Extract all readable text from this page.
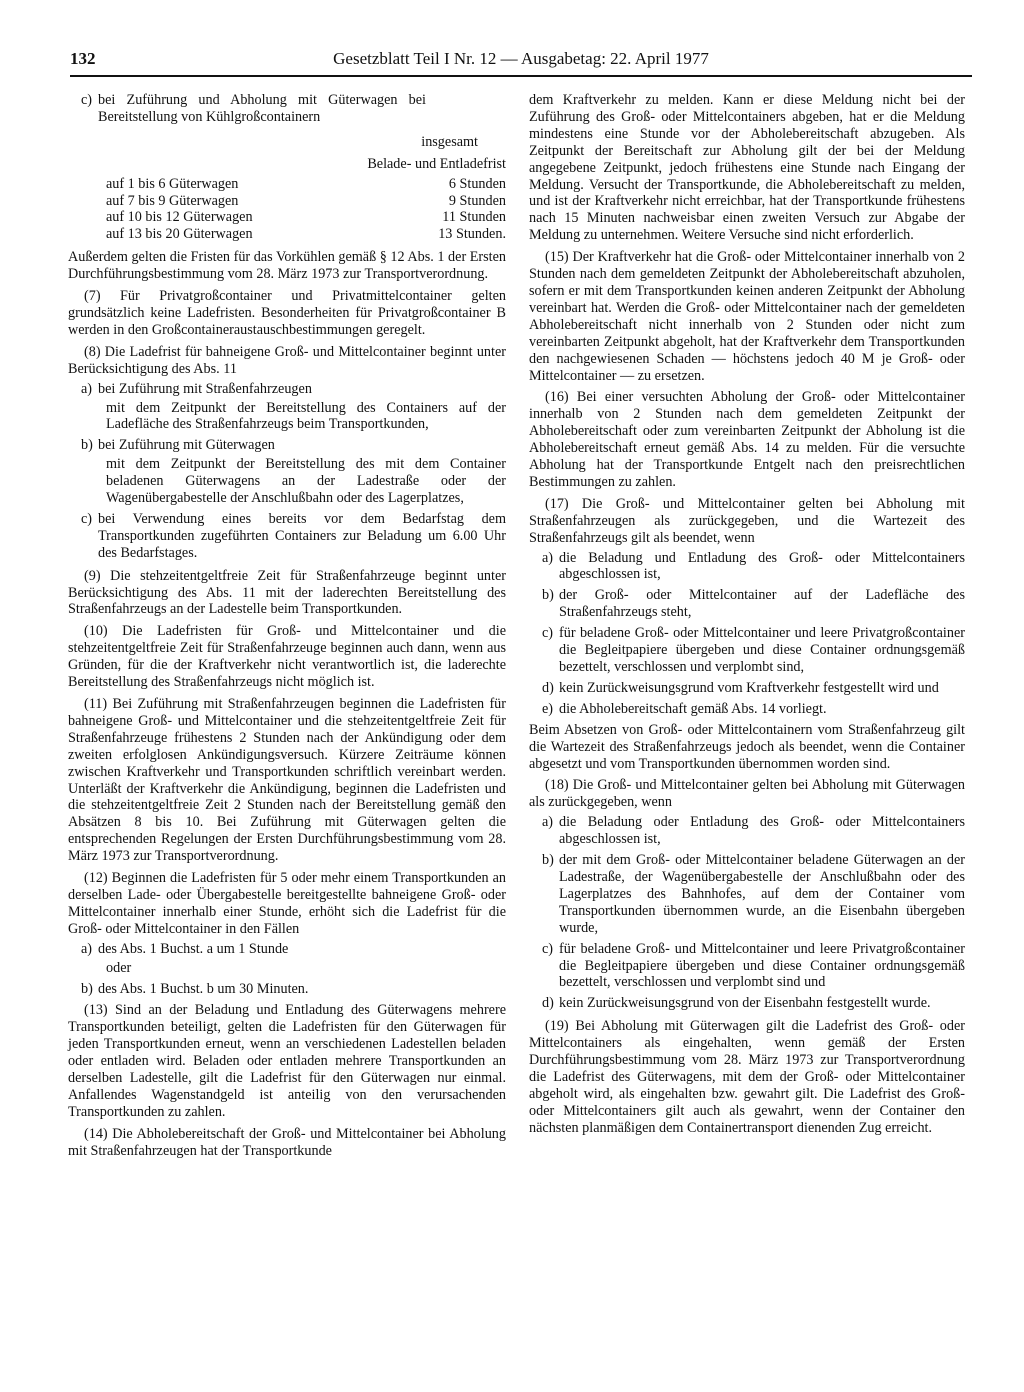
132	Gesetzblatt Teil I Nr. 12 — Ausgabetag: 22. April 1977
c) bei Zuführung und Abholung mit Güterwagen bei Bereitstellung von Kühlgroßcontainern
insgesamt
Belade- und Entladefrist
auf 1 bis 6 Güterwagen	6 Stunden
auf 7 bis 9 Güterwagen	9 Stunden
auf 10 bis 12 Güterwagen	11 Stunden
auf 13 bis 20 Güterwagen	13 Stunden.

Außerdem gelten die Fristen für das Vorkühlen gemäß § 12 Abs. 1 der Ersten Durchführungsbestimmung vom 28. März 1973 zur Transportverordnung.

(7) Für Privatgroßcontainer und Privatmittelcontainer gelten grundsätzlich keine Ladefristen. Besonderheiten für Privatgroßcontainer B werden in den Großcontaineraustauschbestimmungen geregelt.

(8) Die Ladefrist für bahneigene Groß- und Mittelcontainer beginnt unter Berücksichtigung des Abs. 11

a) bei Zuführung mit Straßenfahrzeugen
mit dem Zeitpunkt der Bereitstellung des Containers auf der Ladefläche des Straßenfahrzeugs beim Transportkunden,
b) bei Zuführung mit Güterwagen
mit dem Zeitpunkt der Bereitstellung des mit dem Container beladenen Güterwagens an der Ladestraße oder der Wagenübergabestelle der Anschlußbahn oder des Lagerplatzes,
c) bei Verwendung eines bereits vor dem Bedarfstag dem Transportkunden zugeführten Containers zur Beladung um 6.00 Uhr des Bedarfstages.

(9) Die stehzeitentgeltfreie Zeit für Straßenfahrzeuge beginnt unter Berücksichtigung des Abs. 11 mit der laderechten Bereitstellung des Straßenfahrzeugs an der Ladestelle beim Transportkunden.

(10) Die Ladefristen für Groß- und Mittelcontainer und die stehzeitentgeltfreie Zeit für Straßenfahrzeuge beginnen auch dann, wenn aus Gründen, für die der Kraftverkehr nicht verantwortlich ist, die laderechte Bereitstellung des Straßenfahrzeugs nicht möglich ist.

(11) Bei Zuführung mit Straßenfahrzeugen beginnen die Ladefristen für bahneigene Groß- und Mittelcontainer und die stehzeitentgeltfreie Zeit für Straßenfahrzeuge frühestens 2 Stunden nach der Ankündigung oder dem zweiten erfolglosen Ankündigungsversuch. Kürzere Zeiträume können zwischen Kraftverkehr und Transportkunden schriftlich vereinbart werden. Unterläßt der Kraftverkehr die Ankündigung, beginnen die Ladefristen und die stehzeitentgeltfreie Zeit 2 Stunden nach der Bereitstellung gemäß den Absätzen 8 bis 10. Bei Zuführung mit Güterwagen gelten die entsprechenden Regelungen der Ersten Durchführungsbestimmung vom 28. März 1973 zur Transportverordnung.

(12) Beginnen die Ladefristen für 5 oder mehr einem Transportkunden an derselben Lade- oder Übergabestelle bereitgestellte bahneigene Groß- oder Mittelcontainer innerhalb einer Stunde, erhöht sich die Ladefrist für die Groß- oder Mittelcontainer in den Fällen

a) des Abs. 1 Buchst. a um 1 Stunde
oder
b) des Abs. 1 Buchst. b um 30 Minuten.

(13) Sind an der Beladung und Entladung des Güterwagens mehrere Transportkunden beteiligt, gelten die Ladefristen für den Güterwagen für jeden Transportkunden erneut, wenn an verschiedenen Ladestellen beladen oder entladen wird. Beladen oder entladen mehrere Transportkunden an derselben Ladestelle, gilt die Ladefrist für den Güterwagen nur einmal. Anfallendes Wagenstandgeld ist anteilig von den verursachenden Transportkunden zu zahlen.

(14) Die Abholebereitschaft der Groß- und Mittelcontainer bei Abholung mit Straßenfahrzeugen hat der Transportkunde

dem Kraftverkehr zu melden. Kann er diese Meldung nicht bei der Zuführung des Groß- oder Mittelcontainers abgeben, hat er die Meldung mindestens eine Stunde vor der Abholebereitschaft abzugeben. Als Zeitpunkt der Bereitschaft zur Abholung gilt der bei der Meldung angegebene Zeitpunkt, jedoch frühestens eine Stunde nach Eingang der Meldung. Versucht der Transportkunde, die Abholebereitschaft zu melden, und ist der Kraftverkehr nicht erreichbar, hat der Transportkunde frühestens nach 15 Minuten nachweisbar einen zweiten Versuch zur Abgabe der Meldung zu unternehmen. Weitere Versuche sind nicht erforderlich.

(15) Der Kraftverkehr hat die Groß- oder Mittelcontainer innerhalb von 2 Stunden nach dem gemeldeten Zeitpunkt der Abholebereitschaft abzuholen, sofern er mit dem Transportkunden keinen anderen Zeitpunkt der Abholung vereinbart hat. Werden die Groß- oder Mittelcontainer nach der gemeldeten Abholebereitschaft nicht innerhalb von 2 Stunden oder nicht zum vereinbarten Zeitpunkt abgeholt, hat der Kraftverkehr dem Transportkunden den nachgewiesenen Schaden — höchstens jedoch 40 M je Groß- oder Mittelcontainer — zu ersetzen.

(16) Bei einer versuchten Abholung der Groß- oder Mittelcontainer innerhalb von 2 Stunden nach dem gemeldeten Zeitpunkt der Abholebereitschaft oder zum vereinbarten Zeitpunkt der Abholung ist die Abholebereitschaft erneut gemäß Abs. 14 zu melden. Für die versuchte Abholung hat der Transportkunde Entgelt nach den preisrechtlichen Bestimmungen zu zahlen.

(17) Die Groß- und Mittelcontainer gelten bei Abholung mit Straßenfahrzeugen als zurückgegeben, und die Wartezeit des Straßenfahrzeugs gilt als beendet, wenn

a) die Beladung und Entladung des Groß- oder Mittelcontainers abgeschlossen ist,
b) der Groß- oder Mittelcontainer auf der Ladefläche des Straßenfahrzeugs steht,
c) für beladene Groß- oder Mittelcontainer und leere Privatgroßcontainer die Begleitpapiere übergeben und diese Container ordnungsgemäß bezettelt, verschlossen und verplombt sind,
d) kein Zurückweisungsgrund vom Kraftverkehr festgestellt wird und
e) die Abholebereitschaft gemäß Abs. 14 vorliegt.

Beim Absetzen von Groß- oder Mittelcontainern vom Straßenfahrzeug gilt die Wartezeit des Straßenfahrzeugs jedoch als beendet, wenn die Container abgesetzt und vom Transportkunden übernommen worden sind.

(18) Die Groß- und Mittelcontainer gelten bei Abholung mit Güterwagen als zurückgegeben, wenn

a) die Beladung oder Entladung des Groß- oder Mittelcontainers abgeschlossen ist,
b) der mit dem Groß- oder Mittelcontainer beladene Güterwagen an der Ladestraße, der Wagenübergabestelle der Anschlußbahn oder des Lagerplatzes des Bahnhofes, auf dem der Container vom Transportkunden übernommen wurde, an die Eisenbahn übergeben wurde,
c) für beladene Groß- und Mittelcontainer und leere Privatgroßcontainer die Begleitpapiere übergeben und diese Container ordnungsgemäß bezettelt, verschlossen und verplombt sind und
d) kein Zurückweisungsgrund von der Eisenbahn festgestellt wurde.

(19) Bei Abholung mit Güterwagen gilt die Ladefrist des Groß- oder Mittelcontainers als eingehalten, wenn gemäß der Ersten Durchführungsbestimmung vom 28. März 1973 zur Transportverordnung die Ladefrist des Güterwagens, mit dem der Groß- oder Mittelcontainer abgeholt wird, als eingehalten bzw. gewahrt gilt. Die Ladefrist des Groß- oder Mittelcontainers gilt auch als gewahrt, wenn der Container den nächsten planmäßigen dem Containertransport dienenden Zug erreicht.
